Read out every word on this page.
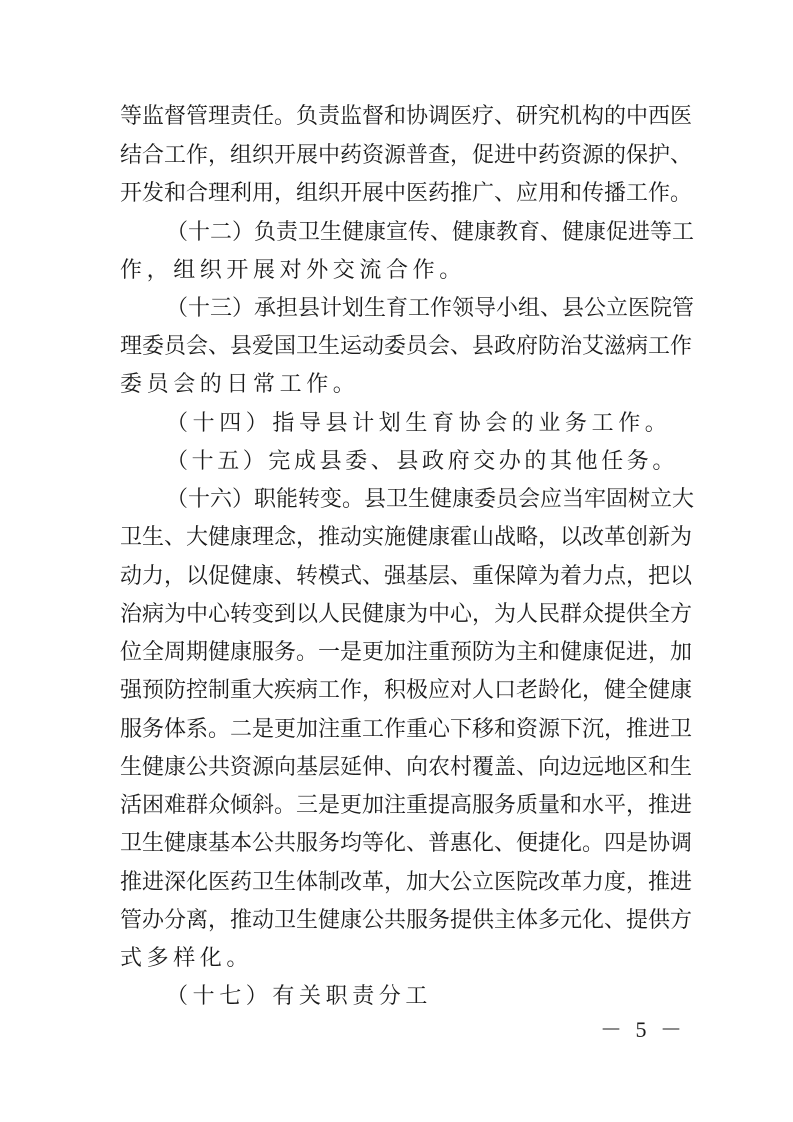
等监督管理责任。负责监督和协调医疗、研究机构的中西医
结合工作，组织开展中药资源普查，促进中药资源的保护、
开发和合理利用，组织开展中医药推广、应用和传播工作。
（十二）负责卫生健康宣传、健康教育、健康促进等工
作，组织开展对外交流合作。
（十三）承担县计划生育工作领导小组、县公立医院管
理委员会、县爱国卫生运动委员会、县政府防治艾滋病工作
委员会的日常工作。
（十四）指导县计划生育协会的业务工作。
（十五）完成县委、县政府交办的其他任务。
（十六）职能转变。县卫生健康委员会应当牢固树立大
卫生、大健康理念，推动实施健康霍山战略，以改革创新为
动力，以促健康、转模式、强基层、重保障为着力点，把以
治病为中心转变到以人民健康为中心，为人民群众提供全方
位全周期健康服务。一是更加注重预防为主和健康促进，加
强预防控制重大疾病工作，积极应对人口老龄化，健全健康
服务体系。二是更加注重工作重心下移和资源下沉，推进卫
生健康公共资源向基层延伸、向农村覆盖、向边远地区和生
活困难群众倾斜。三是更加注重提高服务质量和水平，推进
卫生健康基本公共服务均等化、普惠化、便捷化。四是协调
推进深化医药卫生体制改革，加大公立医院改革力度，推进
管办分离，推动卫生健康公共服务提供主体多元化、提供方
式多样化。
（十七）有关职责分工
－ 5 －
